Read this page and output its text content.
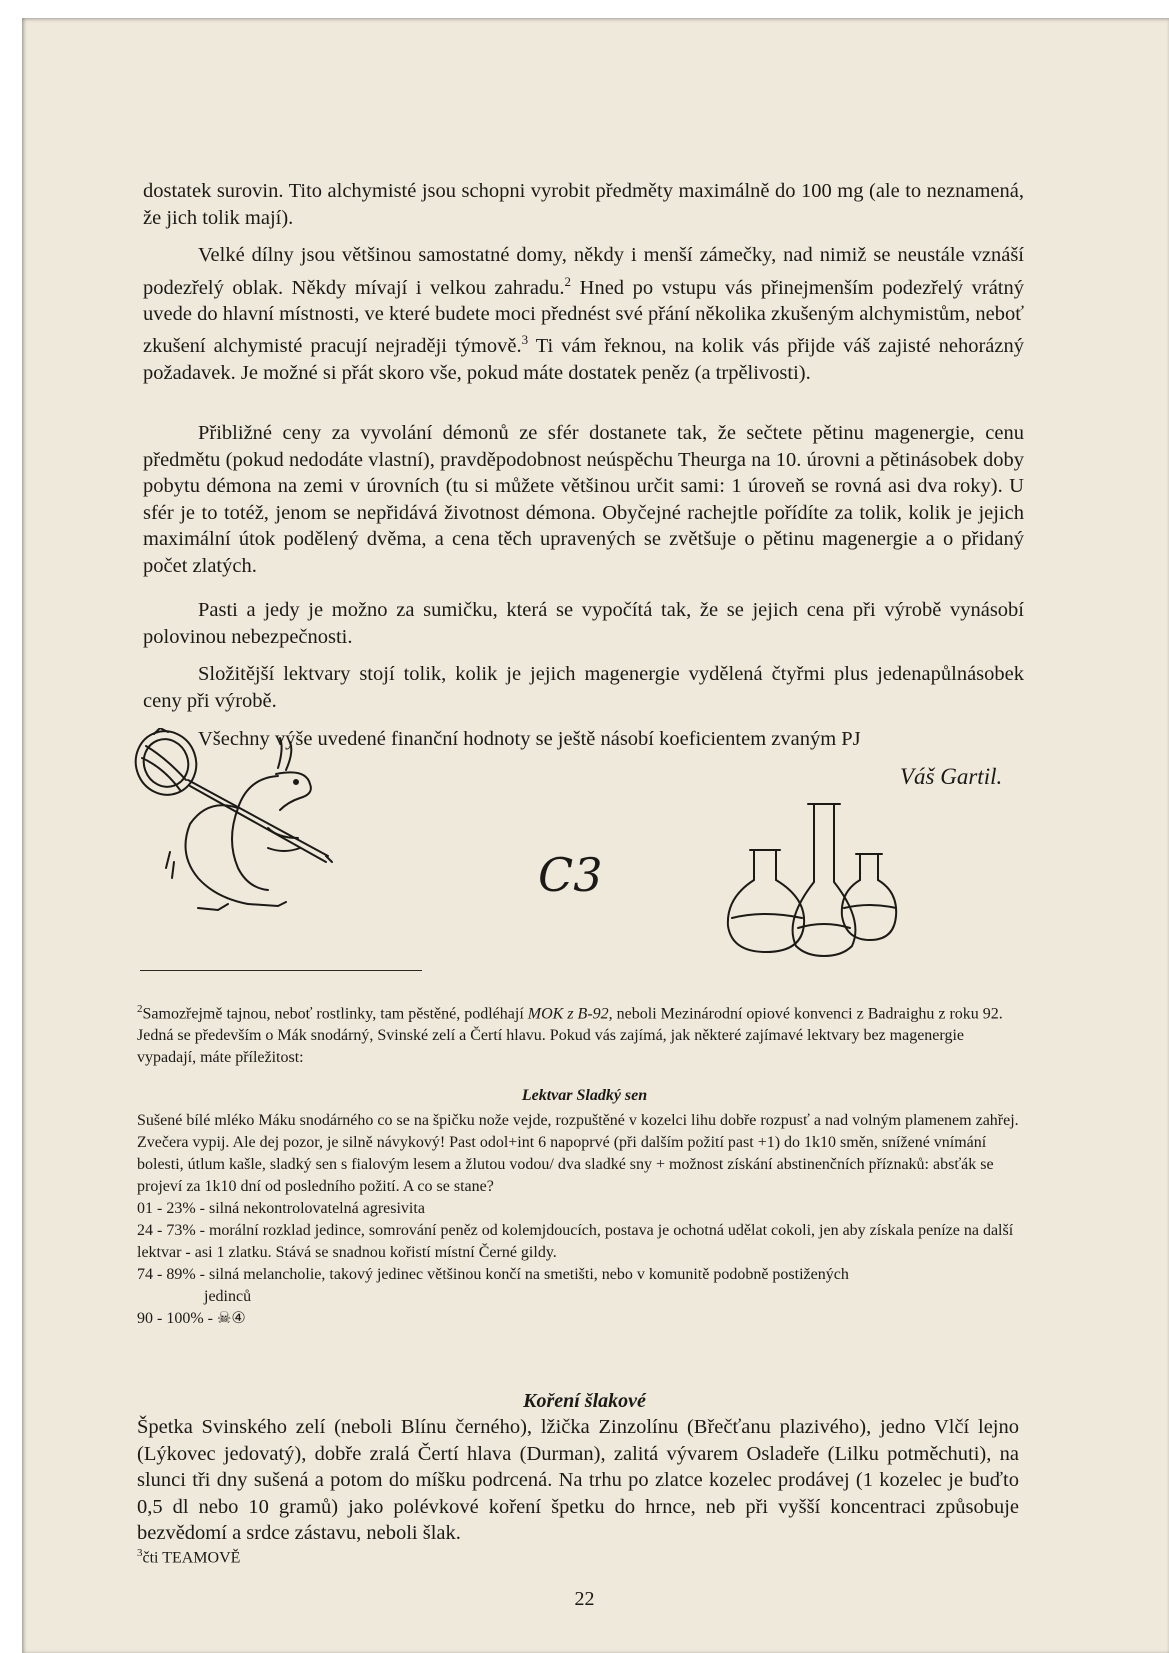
dostatek surovin. Tito alchymisté jsou schopni vyrobit předměty maximálně do 100 mg (ale to neznamená, že jich tolik mají).

Velké dílny jsou většinou samostatné domy, někdy i menší zámečky, nad nimiž se neustále vznáší podezřelý oblak. Někdy mívají i velkou zahradu.$^2$ Hned po vstupu vás přinejmenším podezřelý vrátný uvede do hlavní místnosti, ve které budete moci přednést své přání několika zkušeným alchymistům, neboť zkušení alchymisté pracují nejraději týmově.$^3$ Ti vám řeknou, na kolik vás přijde váš zajisté nehorázný požadavek. Je možné si přát skoro vše, pokud máte dostatek peněz (a trpělivosti).

Přibližné ceny za vyvolání démonů ze sfér dostanete tak, že sečtete pětinu magenergie, cenu předmětu (pokud nedodáte vlastní), pravděpodobnost neúspěchu Theurga na 10. úrovni a pětinásobek doby pobytu démona na zemi v úrovních (tu si můžete většinou určit sami: 1 úroveň se rovná asi dva roky). U sfér je to totéž, jenom se nepřidává životnost démona. Obyčejné rachejtle pořídíte za tolik, kolik je jejich maximální útok podělený dvěma, a cena těch upravených se zvětšuje o pětinu magenergie a o přidaný počet zlatých.

Pasti a jedy je možno za sumičku, která se vypočítá tak, že se jejich cena při výrobě vynásobí polovinou nebezpečnosti.

Složitější lektvary stojí tolik, kolik je jejich magenergie vydělená čtyřmi plus jedenapůlnásobek ceny při výrobě.

Všechny výše uvedené finanční hodnoty se ještě násobí koeficientem zvaným PJ
Váš Gartil.
C3
$^2$Samozřejmě tajnou, neboť rostlinky, tam pěstěné, podléhají MOK z B-92, neboli Mezinárodní opiové konvenci z Badraighu z roku 92. Jedná se především o Mák snodárný, Svinské zelí a Čertí hlavu. Pokud vás zajímá, jak některé zajímavé lektvary bez magenergie vypadají, máte příležitost:
Lektvar Sladký sen

Sušené bílé mléko Máku snodárného co se na špičku nože vejde, rozpuštěné v kozelci lihu dobře rozpusť a nad volným plamenem zahřej. Zvečera vypij. Ale dej pozor, je silně návykový! Past odol+int 6 napoprvé (při dalším požití past +1) do 1k10 směn, snížené vnímání bolesti, útlum kašle, sladký sen s fialovým lesem a žlutou vodou/ dva sladké sny + možnost získání abstinenčních příznaků: absťák se projeví za 1k10 dní od posledního požití. A co se stane?

01 - 23% - silná nekontrolovatelná agresivita

24 - 73% - morální rozklad jedince, somrování peněz od kolemjdoucích, postava je ochotná udělat cokoli, jen aby získala peníze na další lektvar - asi 1 zlatku. Stává se snadnou kořistí místní Černé gildy.

74 - 89% - silná melancholie, takový jedinec většinou končí na smetišti, nebo v komunitě podobně postižených

jedinců

90 - 100% - ☠④

Koření šlakové
Špetka Svinského zelí (neboli Blínu černého), lžička Zinzolínu (Břečťanu plazivého), jedno Vlčí lejno (Lýkovec jedovatý), dobře zralá Čertí hlava (Durman), zalitá vývarem Osladeře (Lilku potměchuti), na slunci tři dny sušená a potom do míšku podrcená. Na trhu po zlatce kozelec prodávej (1 kozelec je buďto 0,5 dl nebo 10 gramů) jako polévkové koření špetku do hrnce, neb při vyšší koncentraci způsobuje bezvědomí a srdce zástavu, neboli šlak.
$^3$čti TEAMOVĚ
22
